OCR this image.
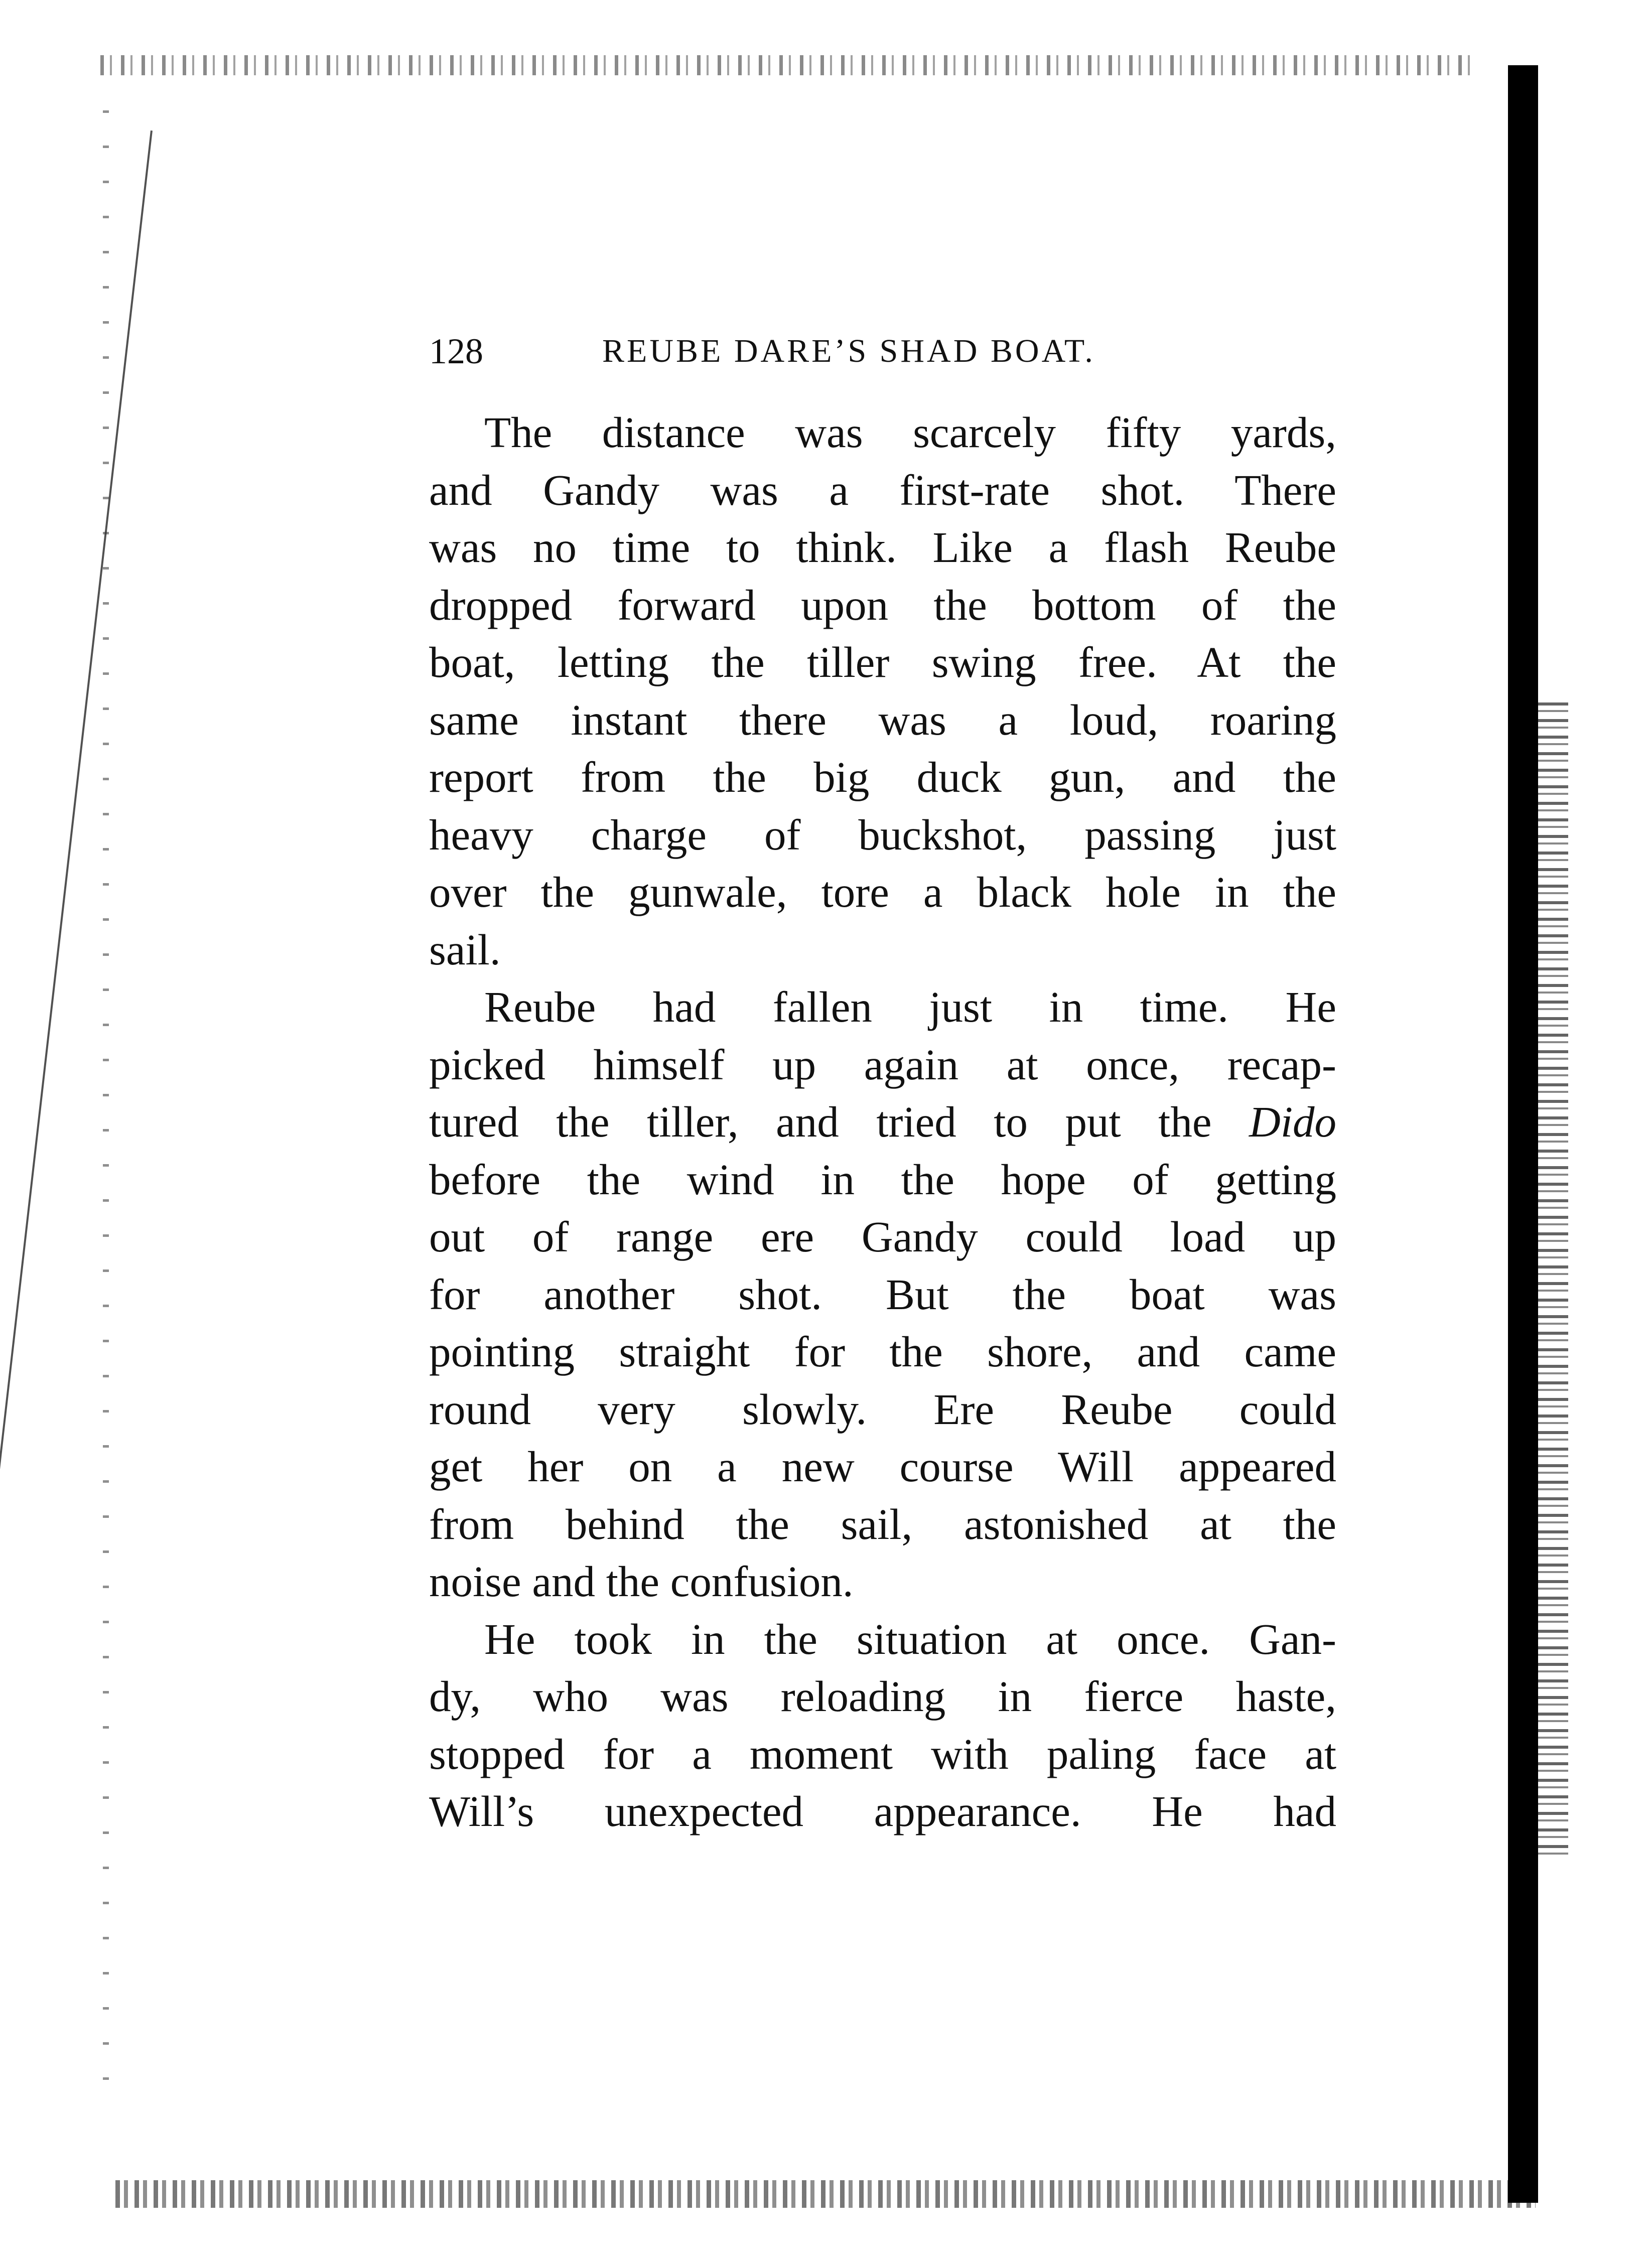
128	REUBE DARE’S SHAD BOAT.
The distance was scarcely fifty yards,
and Gandy was a first-rate shot. There
was no time to think. Like a flash Reube
dropped forward upon the bottom of the
boat, letting the tiller swing free. At the
same instant there was a loud, roaring
report from the big duck gun, and the
heavy charge of buckshot, passing just
over the gunwale, tore a black hole in the
sail.
Reube had fallen just in time. He
picked himself up again at once, recap-
tured the tiller, and tried to put the Dido
before the wind in the hope of getting
out of range ere Gandy could load up
for another shot. But the boat was
pointing straight for the shore, and came
round very slowly. Ere Reube could
get her on a new course Will appeared
from behind the sail, astonished at the
noise and the confusion.
He took in the situation at once. Gan-
dy, who was reloading in fierce haste,
stopped for a moment with paling face at
Will’s unexpected appearance. He had
